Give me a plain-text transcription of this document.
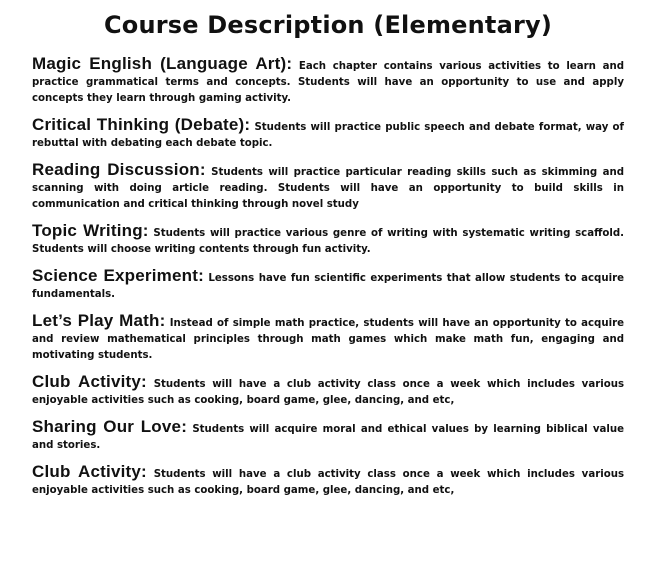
Course Description (Elementary)

Magic English (Language Art): Each chapter contains various activities to learn and practice grammatical terms and concepts. Students will have an opportunity to use and apply concepts they learn through gaming activity.

Critical Thinking (Debate): Students will practice public speech and debate format, way of rebuttal with debating each debate topic.

Reading Discussion: Students will practice particular reading skills such as skimming and scanning with doing article reading. Students will have an opportunity to build skills in communication and critical thinking through novel study

Topic Writing: Students will practice various genre of writing with systematic writing scaffold. Students will choose writing contents through fun activity.

Science Experiment: Lessons have fun scientific experiments that allow students to acquire fundamentals.

Let’s Play Math: Instead of simple math practice, students will have an opportunity to acquire and review mathematical principles through math games which make math fun, engaging and motivating students.

Club Activity: Students will have a club activity class once a week which includes various enjoyable activities such as cooking, board game, glee, dancing, and etc,

Sharing Our Love: Students will acquire moral and ethical values by learning biblical value and stories.

Club Activity: Students will have a club activity class once a week which includes various enjoyable activities such as cooking, board game, glee, dancing, and etc,
